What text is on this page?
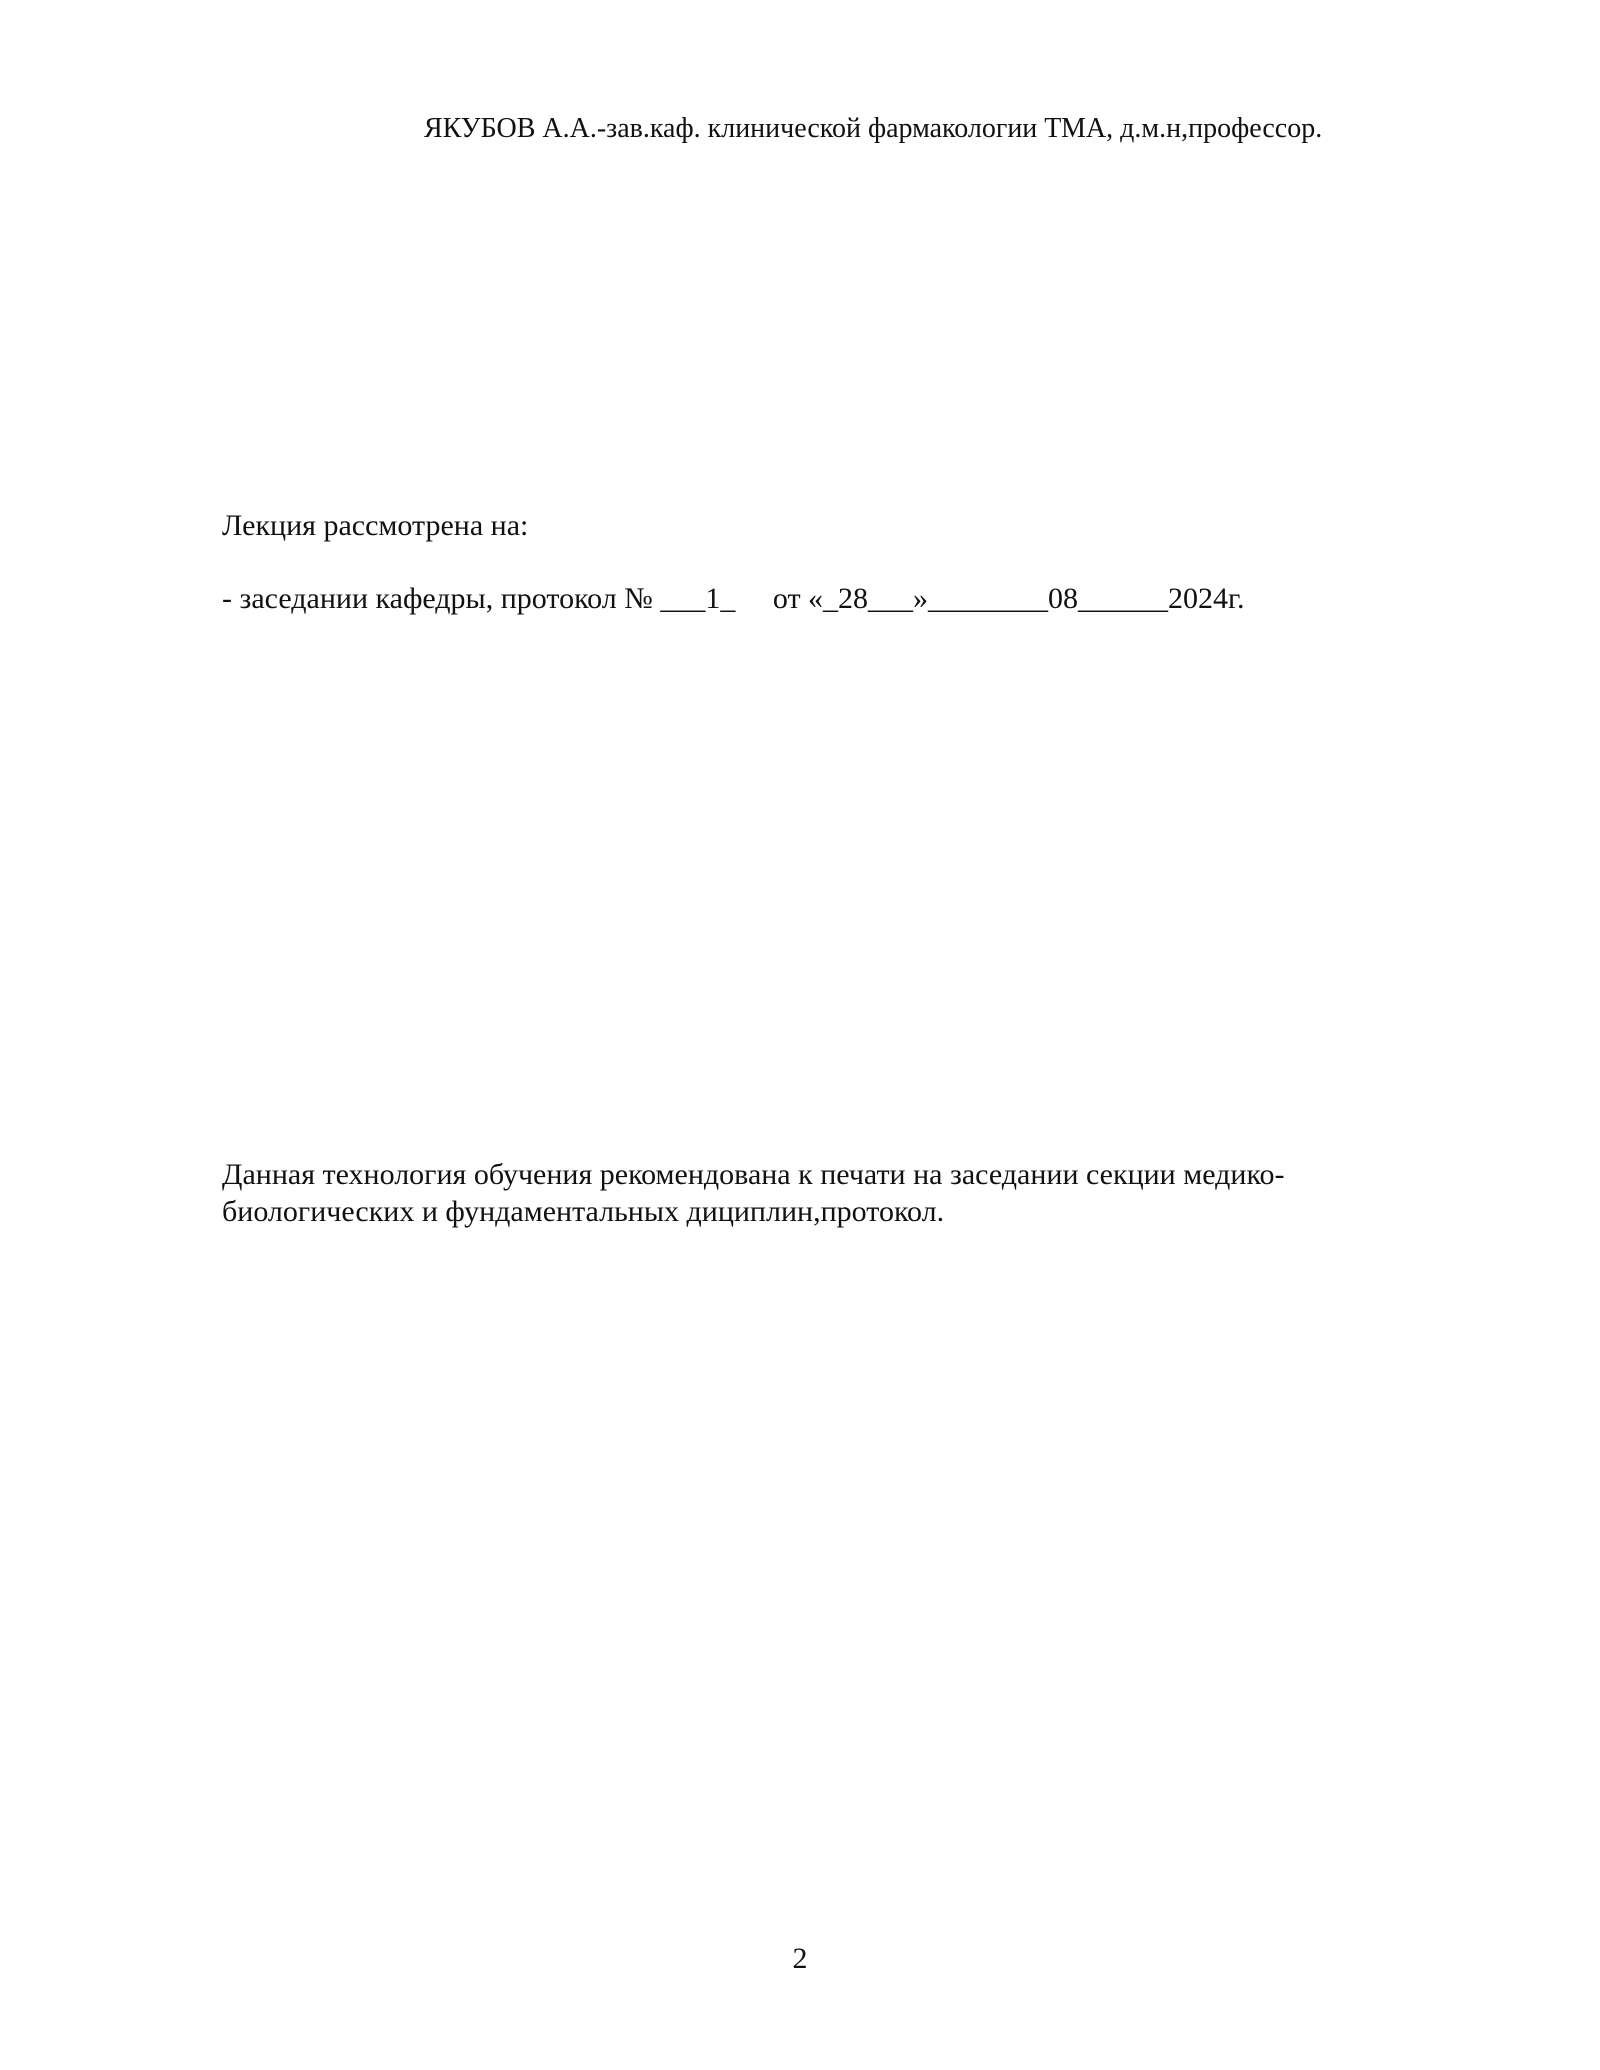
ЯКУБОВ А.А.-зав.каф. клинической фармакологии ТМА, д.м.н,профессор.

Лекция рассмотрена на:

- заседании кафедры, протокол № ___1_     от «_28___»________08______2024г.

Данная технология обучения рекомендована к печати на заседании секции медико-
биологических и фундаментальных дициплин,протокол.

2
